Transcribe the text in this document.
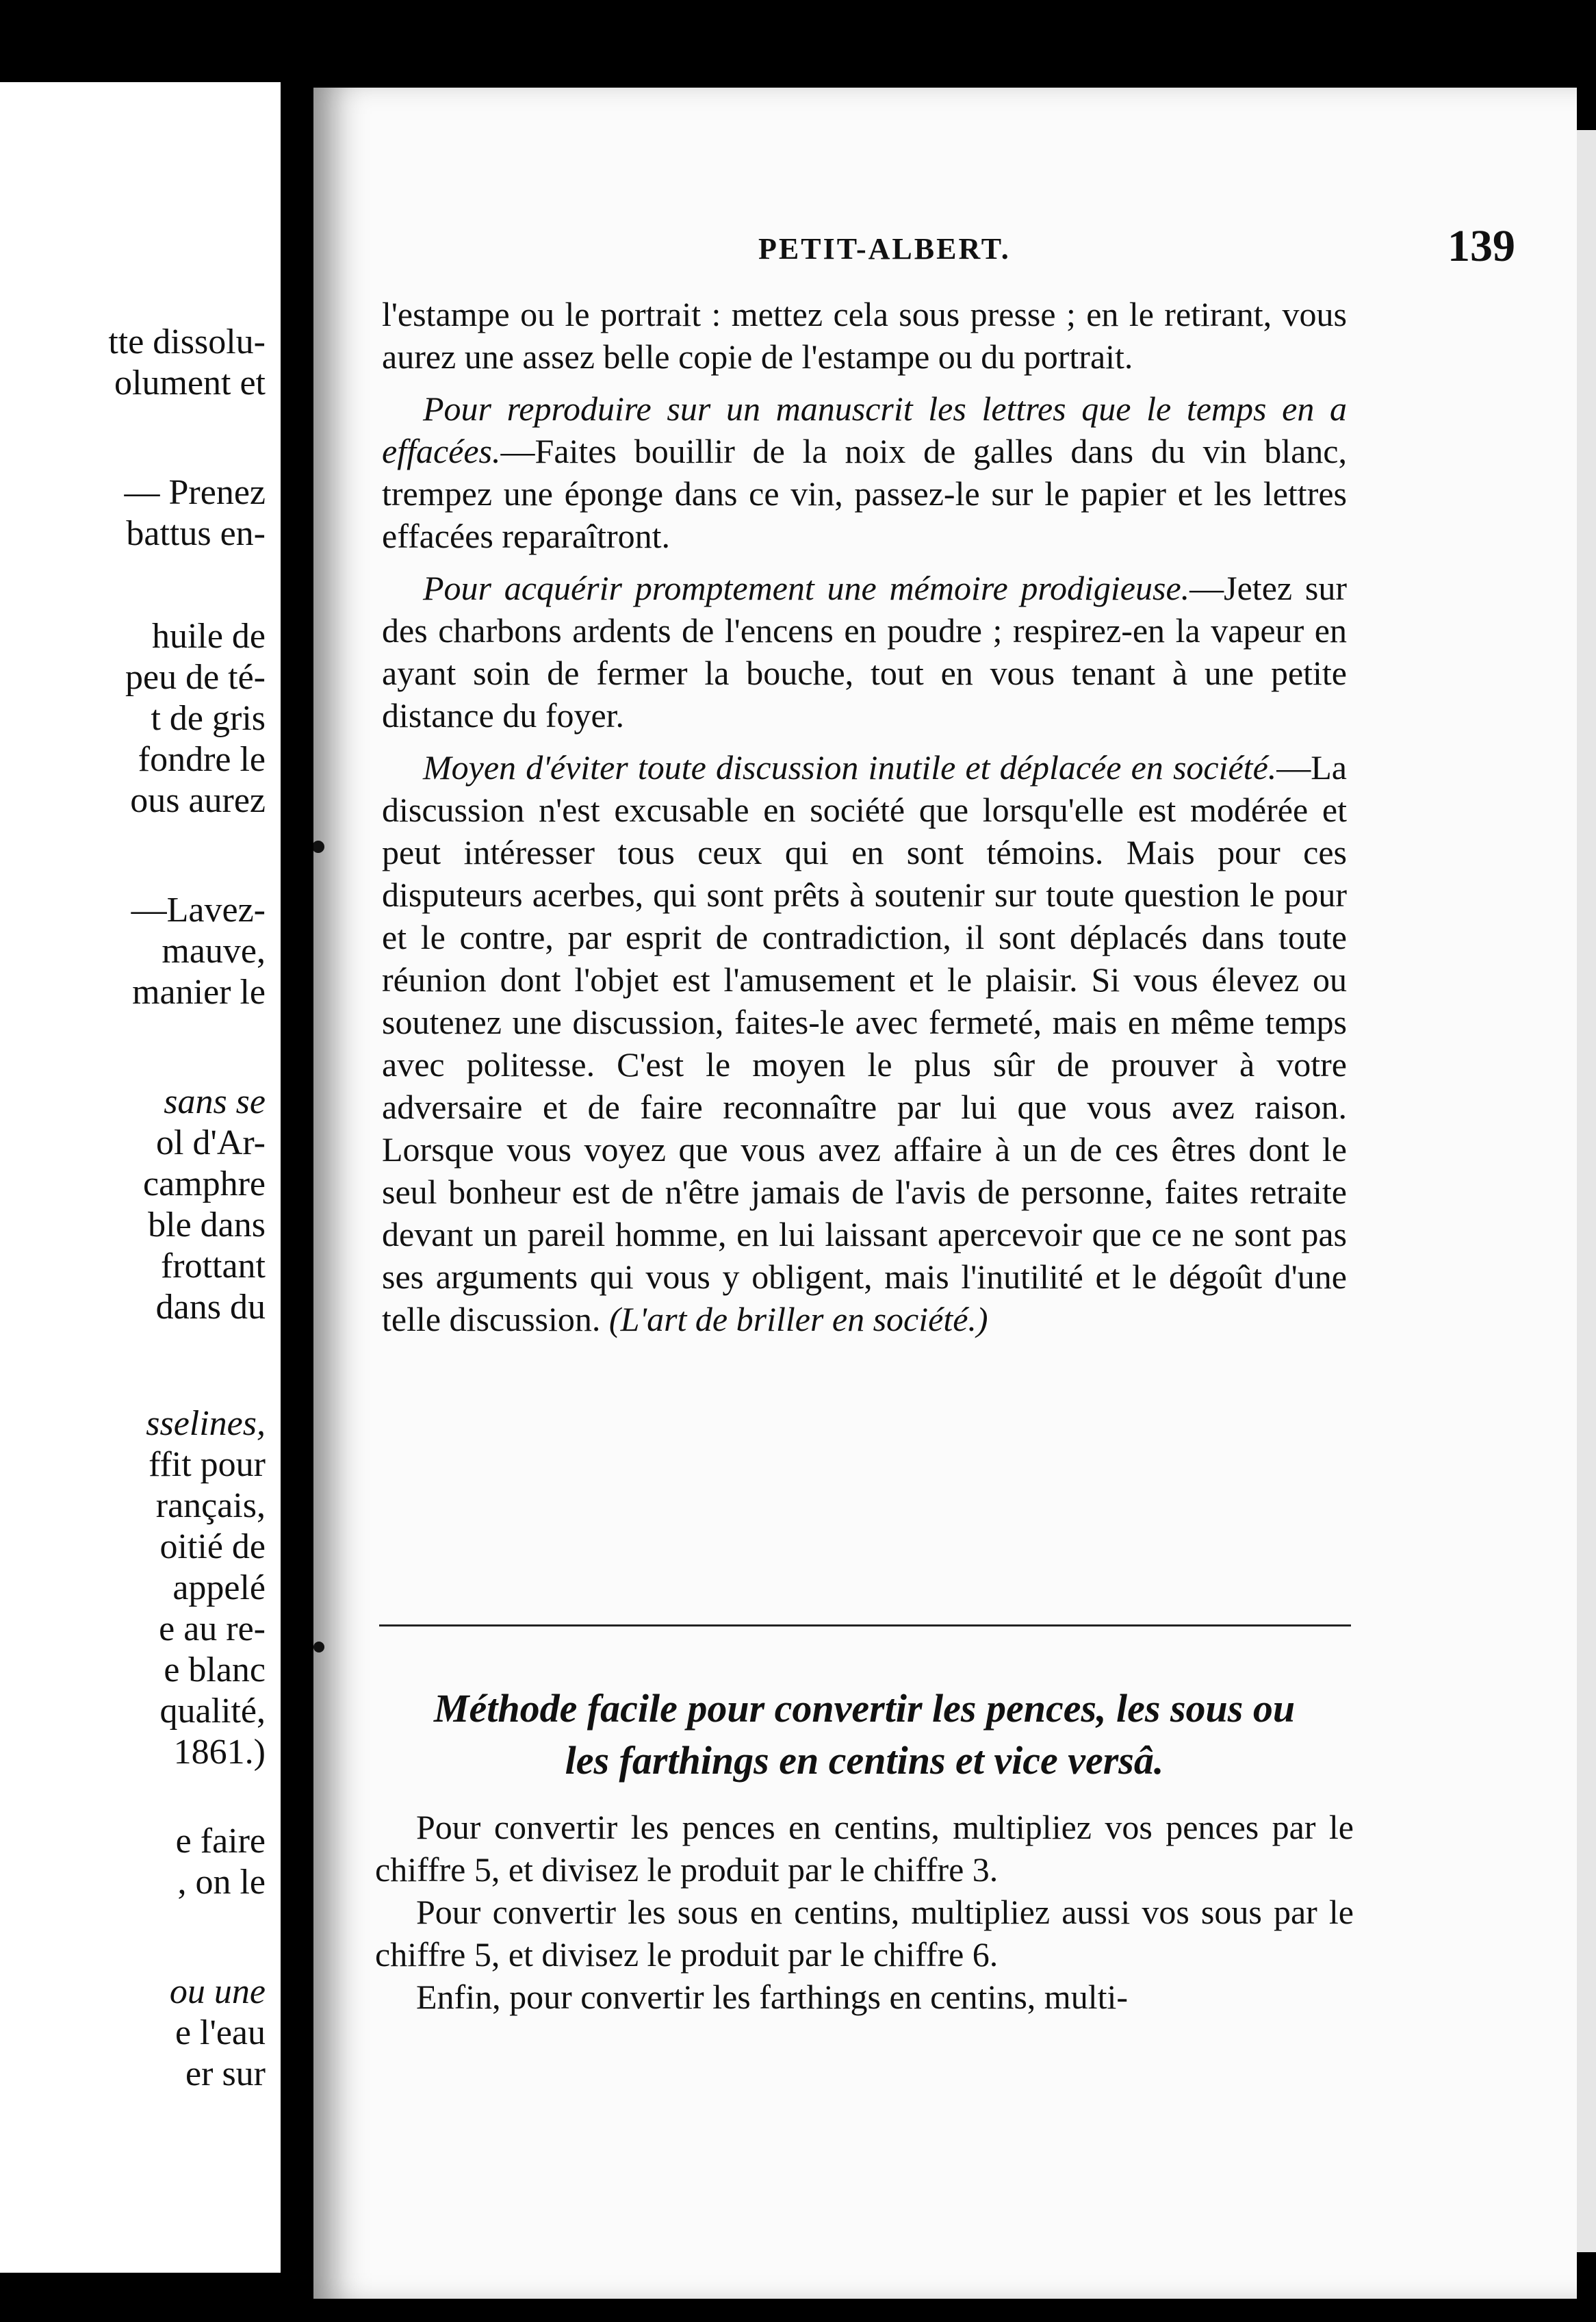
tte dissolu-
olument et
— Prenez
battus en-
huile de
peu de té-
t de gris
fondre le
ous aurez
—Lavez-
mauve,
manier le
sans se
ol d'Ar-
camphre
ble dans
frottant
dans du
sselines,
ffit pour
rançais,
oitié de
appelé
e au re-
e blanc
qualité,
1861.)
e faire
, on le
ou une
e l'eau
er sur
PETIT-ALBERT.	139

l'estampe ou le portrait : mettez cela sous presse ; en le retirant, vous aurez une assez belle copie de l'estampe ou du portrait.

Pour reproduire sur un manuscrit les lettres que le temps en a effacées.—Faites bouillir de la noix de galles dans du vin blanc, trempez une éponge dans ce vin, passez-le sur le papier et les lettres effacées reparaîtront.

Pour acquérir promptement une mémoire prodigieuse.—Jetez sur des charbons ardents de l'encens en poudre ; respirez-en la vapeur en ayant soin de fermer la bouche, tout en vous tenant à une petite distance du foyer.

Moyen d'éviter toute discussion inutile et déplacée en société.—La discussion n'est excusable en société que lorsqu'elle est modérée et peut intéresser tous ceux qui en sont témoins. Mais pour ces disputeurs acerbes, qui sont prêts à soutenir sur toute question le pour et le contre, par esprit de contradiction, il sont déplacés dans toute réunion dont l'objet est l'amusement et le plaisir. Si vous élevez ou soutenez une discussion, faites-le avec fermeté, mais en même temps avec politesse. C'est le moyen le plus sûr de prouver à votre adversaire et de faire reconnaître par lui que vous avez raison. Lorsque vous voyez que vous avez affaire à un de ces êtres dont le seul bonheur est de n'être jamais de l'avis de personne, faites retraite devant un pareil homme, en lui laissant apercevoir que ce ne sont pas ses arguments qui vous y obligent, mais l'inutilité et le dégoût d'une telle discussion. (L'art de briller en société.)

Méthode facile pour convertir les pences, les sous ou
les farthings en centins et vice versâ.

Pour convertir les pences en centins, multipliez vos pences par le chiffre 5, et divisez le produit par le chiffre 3.

Pour convertir les sous en centins, multipliez aussi vos sous par le chiffre 5, et divisez le produit par le chiffre 6.

Enfin, pour convertir les farthings en centins, multi-
